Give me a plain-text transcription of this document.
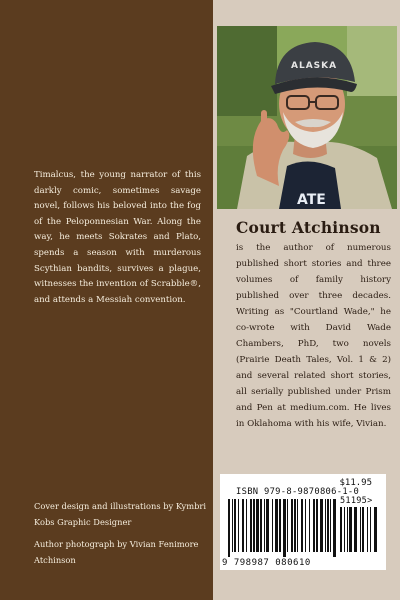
Timalcus, the young narrator of this darkly comic, sometimes savage novel, follows his beloved into the fog of the Peloponnesian War. Along the way, he meets Sokrates and Plato, spends a season with murderous Scythian bandits, survives a plague, witnesses the invention of Scrabble®, and attends a Messiah convention.

Cover design and illustrations by Kymbri Kobs Graphic Designer

Author photograph by Vivian Fenimore Atchinson

ATE
ALASKA
Court Atchinson

is the author of numerous published short stories and three volumes of family history published over three decades. Writing as "Courtland Wade," he co-wrote with David Wade Chambers, PhD, two novels (Prairie Death Tales, Vol. 1 & 2) and several related short stories, all serially published under Prism and Pen at medium.com. He lives in Oklahoma with his wife, Vivian.

ISBN 979-8-9870806-1-0
$11.95
51195>
9 798987 080610
